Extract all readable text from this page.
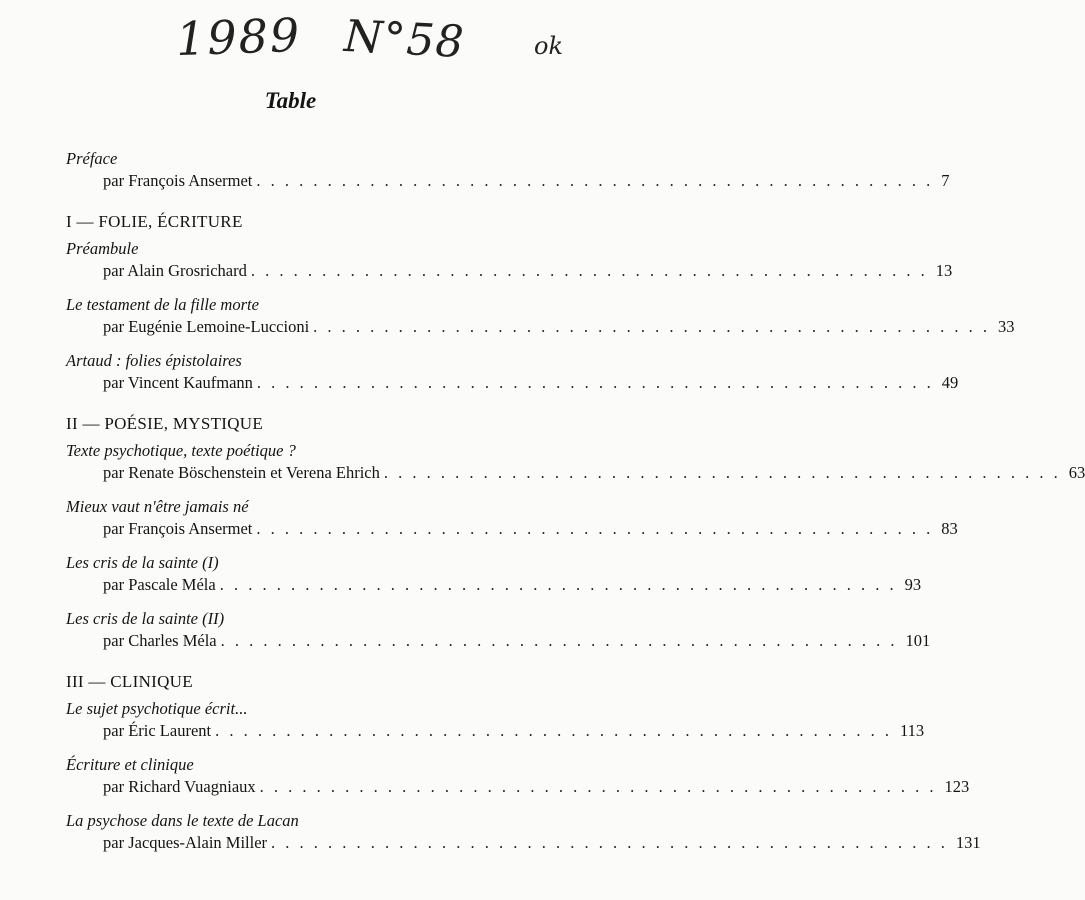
1989 N°58	ok
Table
Préface
par François Ansermet . . . . . . . . . . . . . . . . . . . . . . . . . . . . . . . . . . . . . . . . . . . . . . . . 7
I — FOLIE, ÉCRITURE
Préambule
par Alain Grosrichard . . . . . . . . . . . . . . . . . . . . . . . . . . . . . . . . . . . . . . . . . . . . . . . . 13
Le testament de la fille morte
par Eugénie Lemoine-Luccioni . . . . . . . . . . . . . . . . . . . . . . . . . . . . . . . . . . . . . . . . . . . . . . . . 33
Artaud : folies épistolaires
par Vincent Kaufmann . . . . . . . . . . . . . . . . . . . . . . . . . . . . . . . . . . . . . . . . . . . . . . . . 49
II — POÉSIE, MYSTIQUE
Texte psychotique, texte poétique ?
par Renate Böschenstein et Verena Ehrich . . . . . . . . . . . . . . . . . . . . . . . . . . . . . . . . . . . . . . . . . . . . . . . . 63
Mieux vaut n'être jamais né
par François Ansermet . . . . . . . . . . . . . . . . . . . . . . . . . . . . . . . . . . . . . . . . . . . . . . . . 83
Les cris de la sainte (I)
par Pascale Méla . . . . . . . . . . . . . . . . . . . . . . . . . . . . . . . . . . . . . . . . . . . . . . . . 93
Les cris de la sainte (II)
par Charles Méla . . . . . . . . . . . . . . . . . . . . . . . . . . . . . . . . . . . . . . . . . . . . . . . . 101
III — CLINIQUE
Le sujet psychotique écrit...
par Éric Laurent . . . . . . . . . . . . . . . . . . . . . . . . . . . . . . . . . . . . . . . . . . . . . . . . 113
Écriture et clinique
par Richard Vuagniaux . . . . . . . . . . . . . . . . . . . . . . . . . . . . . . . . . . . . . . . . . . . . . . . . 123
La psychose dans le texte de Lacan
par Jacques-Alain Miller . . . . . . . . . . . . . . . . . . . . . . . . . . . . . . . . . . . . . . . . . . . . . . . . 131
